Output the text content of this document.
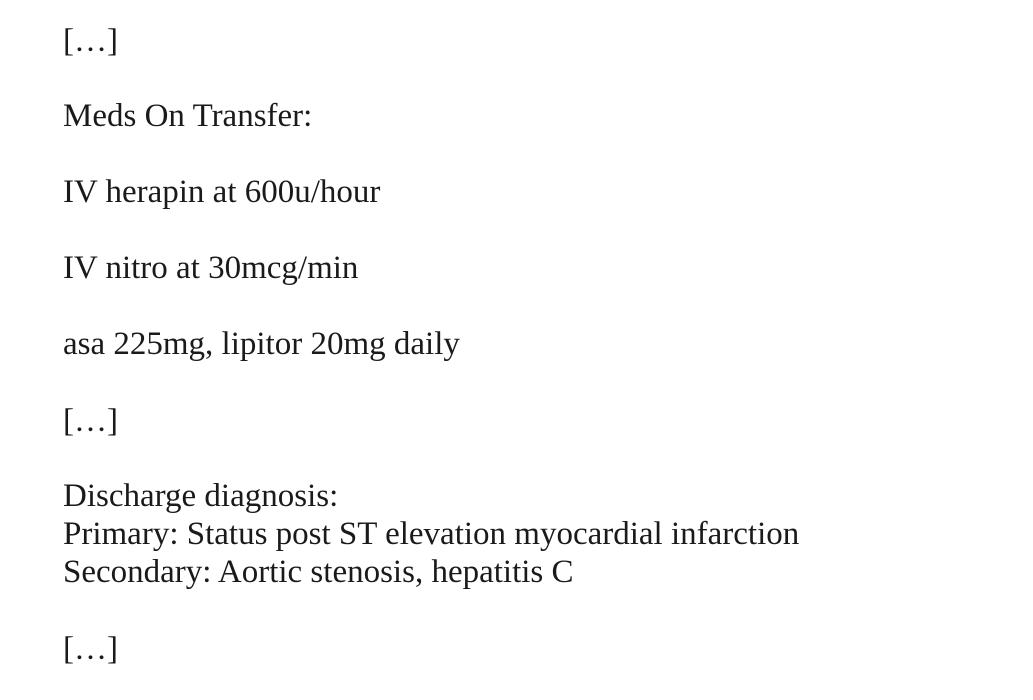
[…]

Meds On Transfer:

IV herapin at 600u/hour

IV nitro at 30mcg/min

asa 225mg, lipitor 20mg daily

[…]

Discharge diagnosis:

Primary: Status post ST elevation myocardial infarction

Secondary: Aortic stenosis, hepatitis C

[…]
